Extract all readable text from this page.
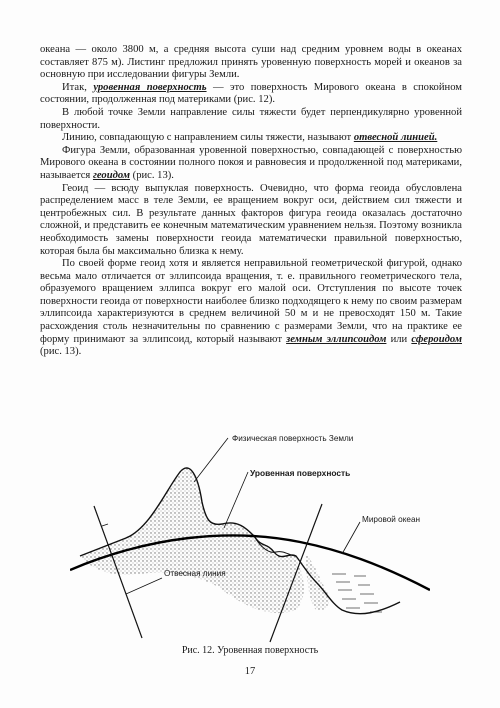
океана — около 3800 м, а средняя высота суши над средним уровнем воды в океанах составляет 875 м). Листинг предложил принять уровенную поверхность морей и океанов за основную при исследовании фигуры Земли.

Итак, уровенная поверхность — это поверхность Мирового океана в спокойном состоянии, продолженная под материками (рис. 12).

В любой точке Земли направление силы тяжести будет перпендикулярно уровенной поверхности.

Линию, совпадающую с направлением силы тяжести, называют отвесной линией.

Фигура Земли, образованная уровенной поверхностью, совпадающей с поверхностью Мирового океана в состоянии полного покоя и равновесия и продолженной под материками, называется геоидом (рис. 13).

Геоид — всюду выпуклая поверхность. Очевидно, что форма геоида обусловлена распределением масс в теле Земли, ее вращением вокруг оси, действием сил тяжести и центробежных сил. В результате данных факторов фигура геоида оказалась достаточно сложной, и представить ее конечным математическим уравнением нельзя. Поэтому возникла необходимость замены поверхности геоида математически правильной поверхностью, которая была бы максимально близка к нему.

По своей форме геоид хотя и является неправильной геометрической фигурой, однако весьма мало отличается от эллипсоида вращения, т. е. правильного геометрического тела, образуемого вращением эллипса вокруг его малой оси. Отступления по высоте точек поверхности геоида от поверхности наиболее близко подходящего к нему по своим размерам эллипсоида характеризуются в среднем величиной 50 м и не превосходят 150 м. Такие расхождения столь незначительны по сравнению с размерами Земли, что на практике ее форму принимают за эллипсоид, который называют земным эллипсоидом или сфероидом (рис. 13).

Физическая поверхность Земли
Уровенная поверхность
Мировой океан
Отвесная линия
Рис. 12. Уровенная поверхность
17
